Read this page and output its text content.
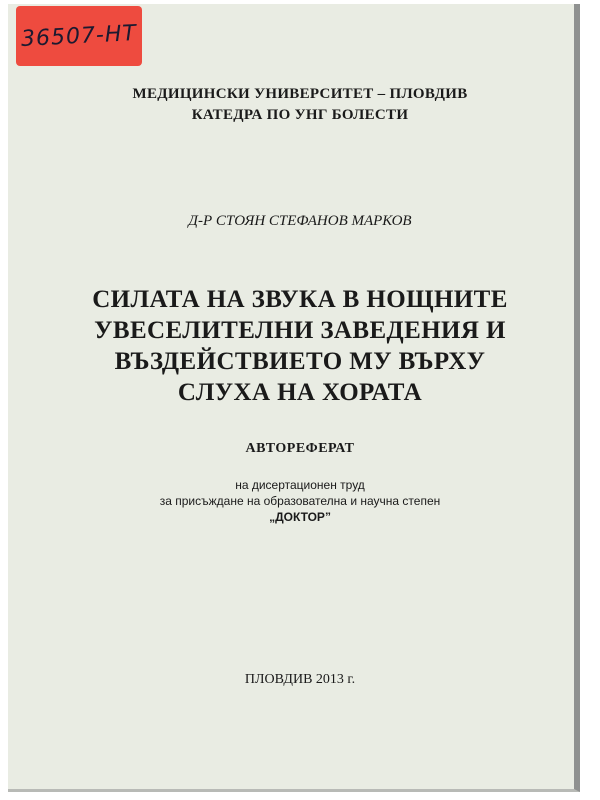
МЕДИЦИНСКИ УНИВЕРСИТЕТ – ПЛОВДИВ
КАТЕДРА ПО УНГ БОЛЕСТИ
Д-Р СТОЯН СТЕФАНОВ МАРКОВ
СИЛАТА НА ЗВУКА В НОЩНИТЕ
УВЕСЕЛИТЕЛНИ ЗАВЕДЕНИЯ И
ВЪЗДЕЙСТВИЕТО МУ ВЪРХУ
СЛУХА НА ХОРАТА
АВТОРЕФЕРАТ
на дисертационен труд
за присъждане на образователна и научна степен
„ДОКТОР”
ПЛОВДИВ 2013 г.
36507-НТ
